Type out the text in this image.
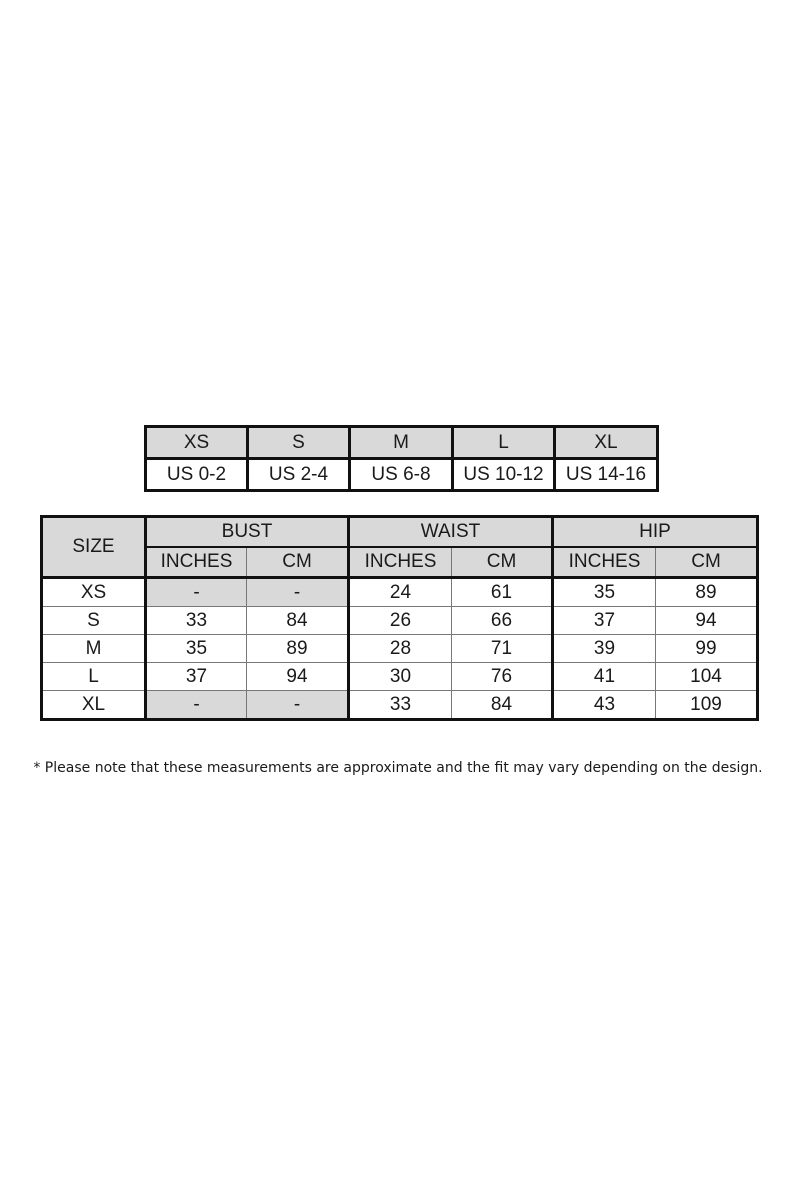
XS	S	M	L	XL
US 0-2	US 2-4	US 6-8	US 10-12	US 14-16
SIZE	BUST		WAIST		HIP	
	INCHES	CM	INCHES	CM	INCHES	CM
XS	-	-	24	61	35	89
S	33	84	26	66	37	94
M	35	89	28	71	39	99
L	37	94	30	76	41	104
XL	-	-	33	84	43	109
* Please note that these measurements are approximate and the fit may vary depending on the design.
